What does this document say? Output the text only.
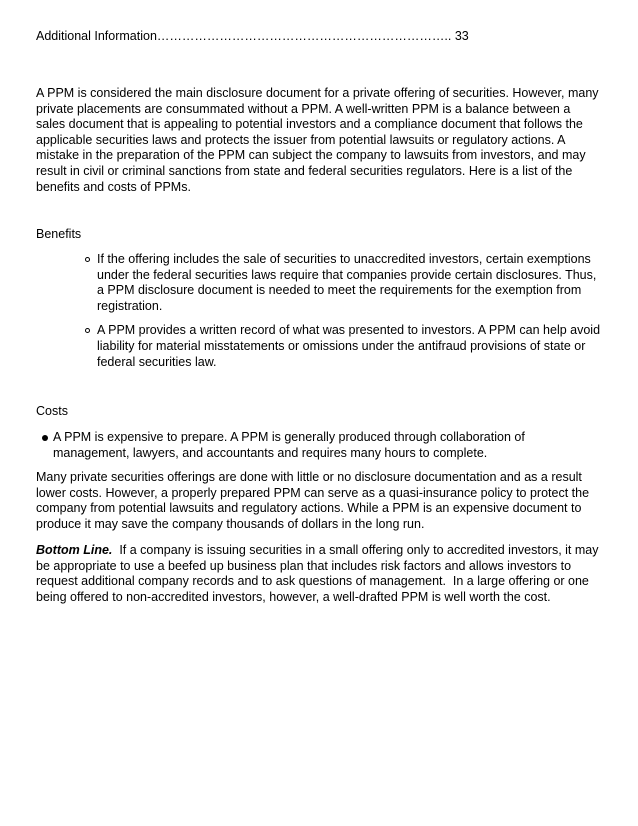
Additional Information…………………………………………………………….. 33

A PPM is considered the main disclosure document for a private offering of securities. However, many private placements are consummated without a PPM. A well-written PPM is a balance between a sales document that is appealing to potential investors and a compliance document that follows the applicable securities laws and protects the issuer from potential lawsuits or regulatory actions. A mistake in the preparation of the PPM can subject the company to lawsuits from investors, and may result in civil or criminal sanctions from state and federal securities regulators. Here is a list of the benefits and costs of PPMs.

Benefits

If the offering includes the sale of securities to unaccredited investors, certain exemptions under the federal securities laws require that companies provide certain disclosures. Thus, a PPM disclosure document is needed to meet the requirements for the exemption from registration.
A PPM provides a written record of what was presented to investors. A PPM can help avoid liability for material misstatements or omissions under the antifraud provisions of state or federal securities law.

Costs

A PPM is expensive to prepare. A PPM is generally produced through collaboration of management, lawyers, and accountants and requires many hours to complete.

Many private securities offerings are done with little or no disclosure documentation and as a result lower costs. However, a properly prepared PPM can serve as a quasi-insurance policy to protect the company from potential lawsuits and regulatory actions. While a PPM is an expensive document to produce it may save the company thousands of dollars in the long run.

Bottom Line.  If a company is issuing securities in a small offering only to accredited investors, it may be appropriate to use a beefed up business plan that includes risk factors and allows investors to request additional company records and to ask questions of management.  In a large offering or one being offered to non-accredited investors, however, a well-drafted PPM is well worth the cost.
